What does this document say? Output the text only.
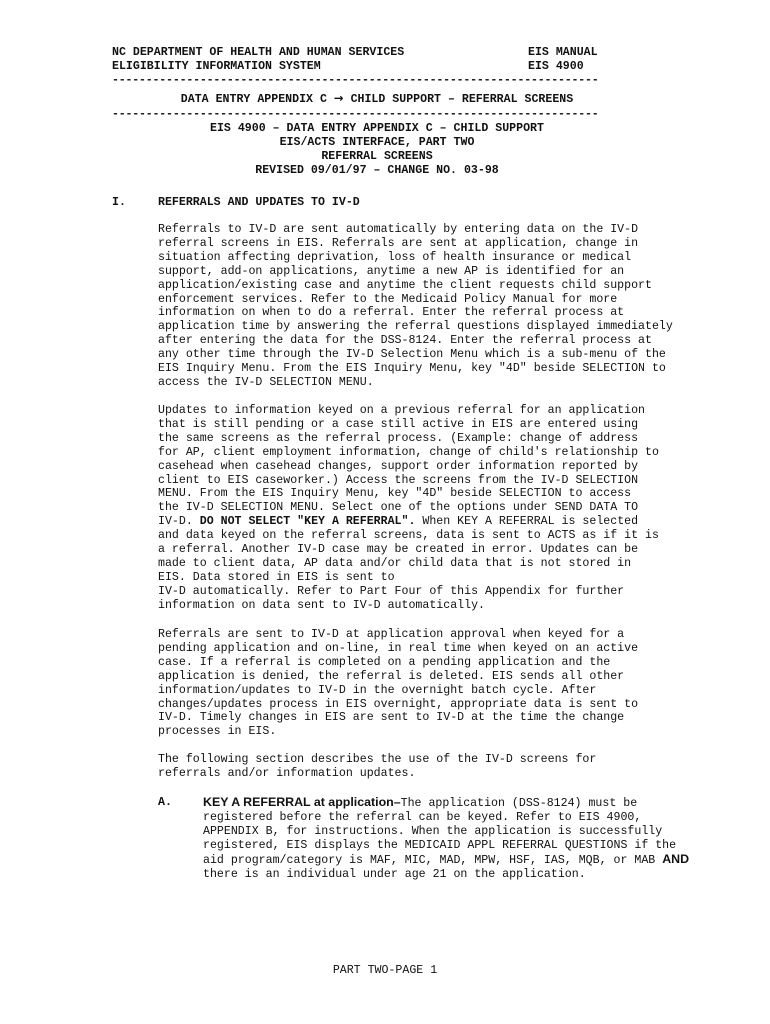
NC DEPARTMENT OF HEALTH AND HUMAN SERVICES
ELIGIBILITY INFORMATION SYSTEM
EIS MANUAL
EIS 4900
------------------------------------------------------------------------
DATA ENTRY APPENDIX C → CHILD SUPPORT – REFERRAL SCREENS
------------------------------------------------------------------------
EIS 4900 – DATA ENTRY APPENDIX C – CHILD SUPPORT
EIS/ACTS INTERFACE, PART TWO
REFERRAL SCREENS
REVISED 09/01/97 – CHANGE NO. 03-98
I.	REFERRALS AND UPDATES TO IV-D

Referrals to IV-D are sent automatically by entering data on the IV-D
referral screens in EIS. Referrals are sent at application, change in
situation affecting deprivation, loss of health insurance or medical
support, add-on applications, anytime a new AP is identified for an
application/existing case and anytime the client requests child support
enforcement services. Refer to the Medicaid Policy Manual for more
information on when to do a referral. Enter the referral process at
application time by answering the referral questions displayed immediately
after entering the data for the DSS-8124. Enter the referral process at
any other time through the IV-D Selection Menu which is a sub-menu of the
EIS Inquiry Menu. From the EIS Inquiry Menu, key "4D" beside SELECTION to
access the IV-D SELECTION MENU.

Updates to information keyed on a previous referral for an application
that is still pending or a case still active in EIS are entered using
the same screens as the referral process. (Example: change of address
for AP, client employment information, change of child's relationship to
casehead when casehead changes, support order information reported by
client to EIS caseworker.) Access the screens from the IV-D SELECTION
MENU. From the EIS Inquiry Menu, key "4D" beside SELECTION to access
the IV-D SELECTION MENU. Select one of the options under SEND DATA TO
IV-D. DO NOT SELECT "KEY A REFERRAL". When KEY A REFERRAL is selected
and data keyed on the referral screens, data is sent to ACTS as if it is
a referral. Another IV-D case may be created in error. Updates can be
made to client data, AP data and/or child data that is not stored in
EIS. Data stored in EIS is sent to
IV-D automatically. Refer to Part Four of this Appendix for further
information on data sent to IV-D automatically.

Referrals are sent to IV-D at application approval when keyed for a
pending application and on-line, in real time when keyed on an active
case. If a referral is completed on a pending application and the
application is denied, the referral is deleted. EIS sends all other
information/updates to IV-D in the overnight batch cycle. After
changes/updates process in EIS overnight, appropriate data is sent to
IV-D. Timely changes in EIS are sent to IV-D at the time the change
processes in EIS.

The following section describes the use of the IV-D screens for
referrals and/or information updates.

A.	KEY A REFERRAL at application–The application (DSS-8124) must be
registered before the referral can be keyed. Refer to EIS 4900,
APPENDIX B, for instructions. When the application is successfully
registered, EIS displays the MEDICAID APPL REFERRAL QUESTIONS if the
aid program/category is MAF, MIC, MAD, MPW, HSF, IAS, MQB, or MAB AND
there is an individual under age 21 on the application.

PART TWO-PAGE 1
